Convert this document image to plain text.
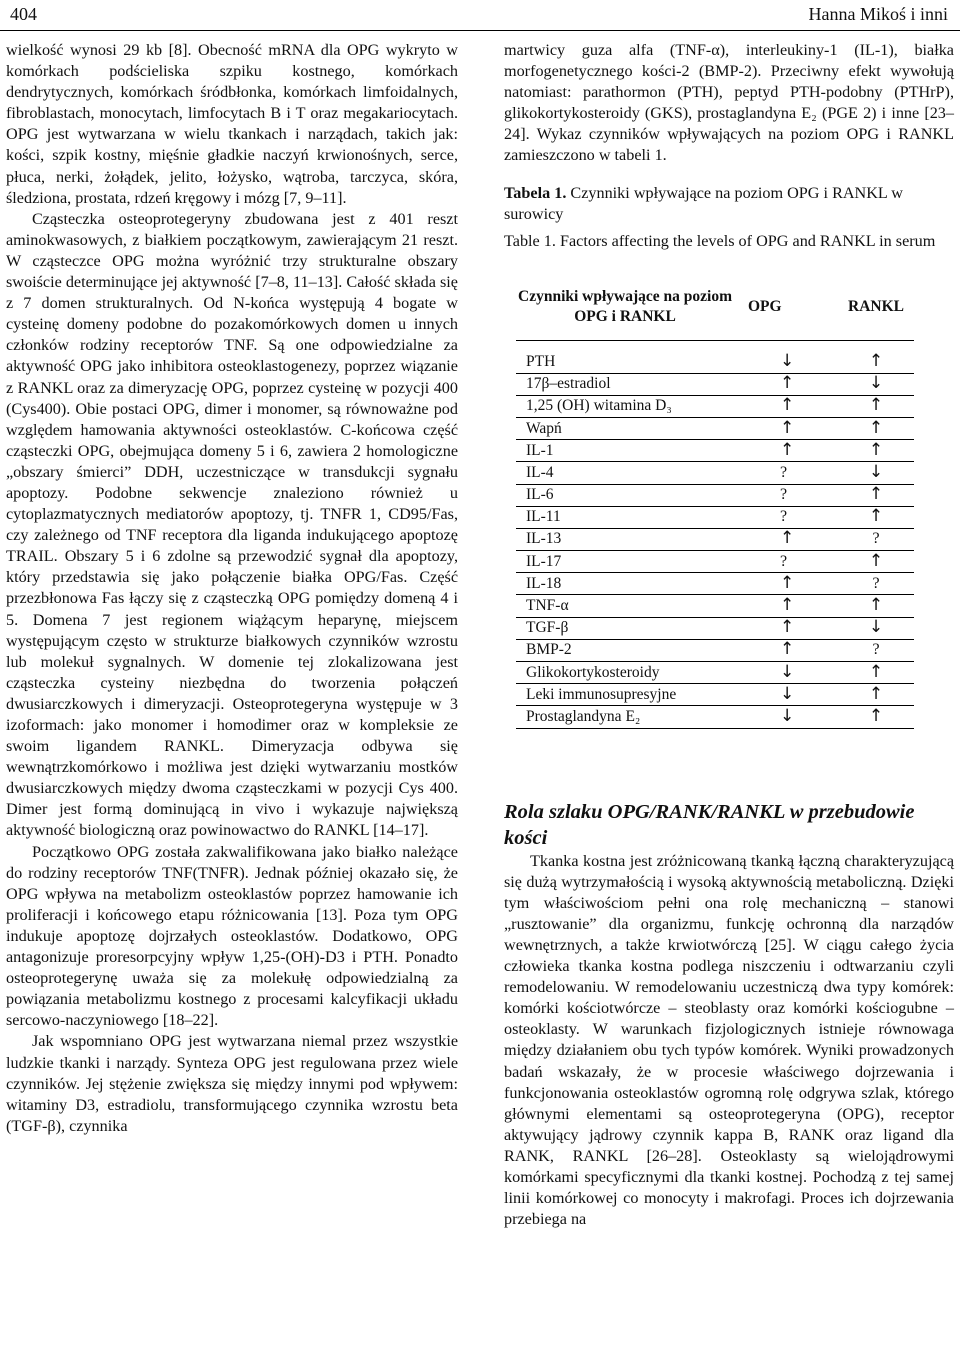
404	Hanna Mikoś i inni

wielkość wynosi 29 kb [8]. Obecność mRNA dla OPG wykryto w komórkach podścieliska szpiku kostnego, komórkach dendrytycznych, komórkach śródbłonka, komórkach limfoidalnych, fibroblastach, monocytach, limfocytach B i T oraz megakariocytach. OPG jest wytwarzana w wielu tkankach i narządach, takich jak: kości, szpik kostny, mięśnie gładkie naczyń krwionośnych, serce, płuca, nerki, żołądek, jelito, łożysko, wątroba, tarczyca, skóra, śledziona, prostata, rdzeń kręgowy i mózg [7, 9–11].

Cząsteczka osteoprotegeryny zbudowana jest z 401 reszt aminokwasowych, z białkiem początkowym, zawierającym 21 reszt. W cząsteczce OPG można wyróżnić trzy strukturalne obszary swoiście determinujące jej aktywność [7–8, 11–13]. Całość składa się z 7 domen strukturalnych. Od N-końca występują 4 bogate w cysteinę domeny podobne do pozakomórkowych domen u innych członków rodziny receptorów TNF. Są one odpowiedzialne za aktywność OPG jako inhibitora osteoklastogenezy, poprzez wiązanie z RANKL oraz za dimeryzację OPG, poprzez cysteinę w pozycji 400 (Cys400). Obie postaci OPG, dimer i monomer, są równoważne pod względem hamowania aktywności osteoklastów. C-końcowa część cząsteczki OPG, obejmująca domeny 5 i 6, zawiera 2 homologiczne „obszary śmierci” DDH, uczestniczące w transdukcji sygnału apoptozy. Podobne sekwencje znaleziono również u cytoplazmatycznych mediatorów apoptozy, tj. TNFR 1, CD95/Fas, czy zależnego od TNF receptora dla liganda indukującego apoptozę TRAIL. Obszary 5 i 6 zdolne są przewodzić sygnał dla apoptozy, który przedstawia się jako połączenie białka OPG/Fas. Część przezbłonowa Fas łączy się z cząsteczką OPG pomiędzy domeną 4 i 5. Domena 7 jest regionem wiążącym heparynę, miejscem występującym często w strukturze białkowych czynników wzrostu lub molekuł sygnalnych. W domenie tej zlokalizowana jest cząsteczka cysteiny niezbędna do tworzenia połączeń dwusiarczkowych i dimeryzacji. Osteoprotegeryna występuje w 3 izoformach: jako monomer i homodimer oraz w kompleksie ze swoim ligandem RANKL. Dimeryzacja odbywa się wewnątrzkomórkowo i możliwa jest dzięki wytwarzaniu mostków dwusiarczkowych między dwoma cząsteczkami w pozycji Cys 400. Dimer jest formą dominującą in vivo i wykazuje największą aktywność biologiczną oraz powinowactwo do RANKL [14–17].

Początkowo OPG została zakwalifikowana jako białko należące do rodziny receptorów TNF(TNFR). Jednak później okazało się, że OPG wpływa na metabolizm osteoklastów poprzez hamowanie ich proliferacji i końcowego etapu różnicowania [13]. Poza tym OPG indukuje apoptozę dojrzałych osteoklastów. Dodatkowo, OPG antagonizuje proresorpcyjny wpływ 1,25-(OH)-D3 i PTH. Ponadto osteoprotegerynę uważa się za molekułę odpowiedzialną za powiązania metabolizmu kostnego z procesami kalcyfikacji układu sercowo-naczyniowego [18–22].

Jak wspomniano OPG jest wytwarzana niemal przez wszystkie ludzkie tkanki i narządy. Synteza OPG jest regulowana przez wiele czynników. Jej stężenie zwiększa się między innymi pod wpływem: witaminy D3, estradiolu, transformującego czynnika wzrostu beta (TGF-β), czynnika

martwicy guza alfa (TNF-α), interleukiny-1 (IL-1), białka morfogenetycznego kości-2 (BMP-2). Przeciwny efekt wywołują natomiast: parathormon (PTH), peptyd PTH-podobny (PTHrP), glikokortykosteroidy (GKS), prostaglandyna E₂ (PGE 2) i inne [23–24]. Wykaz czynników wpływających na poziom OPG i RANKL zamieszczono w tabeli 1.

Tabela 1. Czynniki wpływające na poziom OPG i RANKL w surowicy
Table 1. Factors affecting the levels of OPG and RANKL in serum
Czynniki wpływające na poziom OPG i RANKL	OPG	RANKL
PTH	↓	↑
17β–estradiol	↑	↓
1,25 (OH) witamina D₃	↑	↑
Wapń	↑	↑
IL-1	↑	↑
IL-4	?	↓
IL-6	?	↑
IL-11	?	↑
IL-13	↑	?
IL-17	?	↑
IL-18	↑	?
TNF-α	↑	↑
TGF-β	↑	↓
BMP-2	↑	?
Glikokortykosteroidy	↓	↑
Leki immunosupresyjne	↓	↑
Prostaglandyna E₂	↓	↑
Rola szlaku OPG/RANK/RANKL w przebudowie kości

Tkanka kostna jest zróżnicowaną tkanką łączną charakteryzującą się dużą wytrzymałością i wysoką aktywnością metaboliczną. Dzięki tym właściwościom pełni ona rolę mechaniczną – stanowi „rusztowanie” dla organizmu, funkcję ochronną dla narządów wewnętrznych, a także krwiotwórczą [25]. W ciągu całego życia człowieka tkanka kostna podlega niszczeniu i odtwarzaniu czyli remodelowaniu. W remodelowaniu uczestniczą dwa typy komórek: komórki kościotwórcze – steoblasty oraz komórki kościogubne – osteoklasty. W warunkach fizjologicznych istnieje równowaga między działaniem obu tych typów komórek. Wyniki prowadzonych badań wskazały, że w procesie właściwego dojrzewania i funkcjonowania osteoklastów ogromną rolę odgrywa szlak, którego głównymi elementami są osteoprotegeryna (OPG), receptor aktywujący jądrowy czynnik kappa B, RANK oraz ligand dla RANK, RANKL [26–28]. Osteoklasty są wielojądrowymi komórkami specyficznymi dla tkanki kostnej. Pochodzą z tej samej linii komórkowej co monocyty i makrofagi. Proces ich dojrzewania przebiega na
